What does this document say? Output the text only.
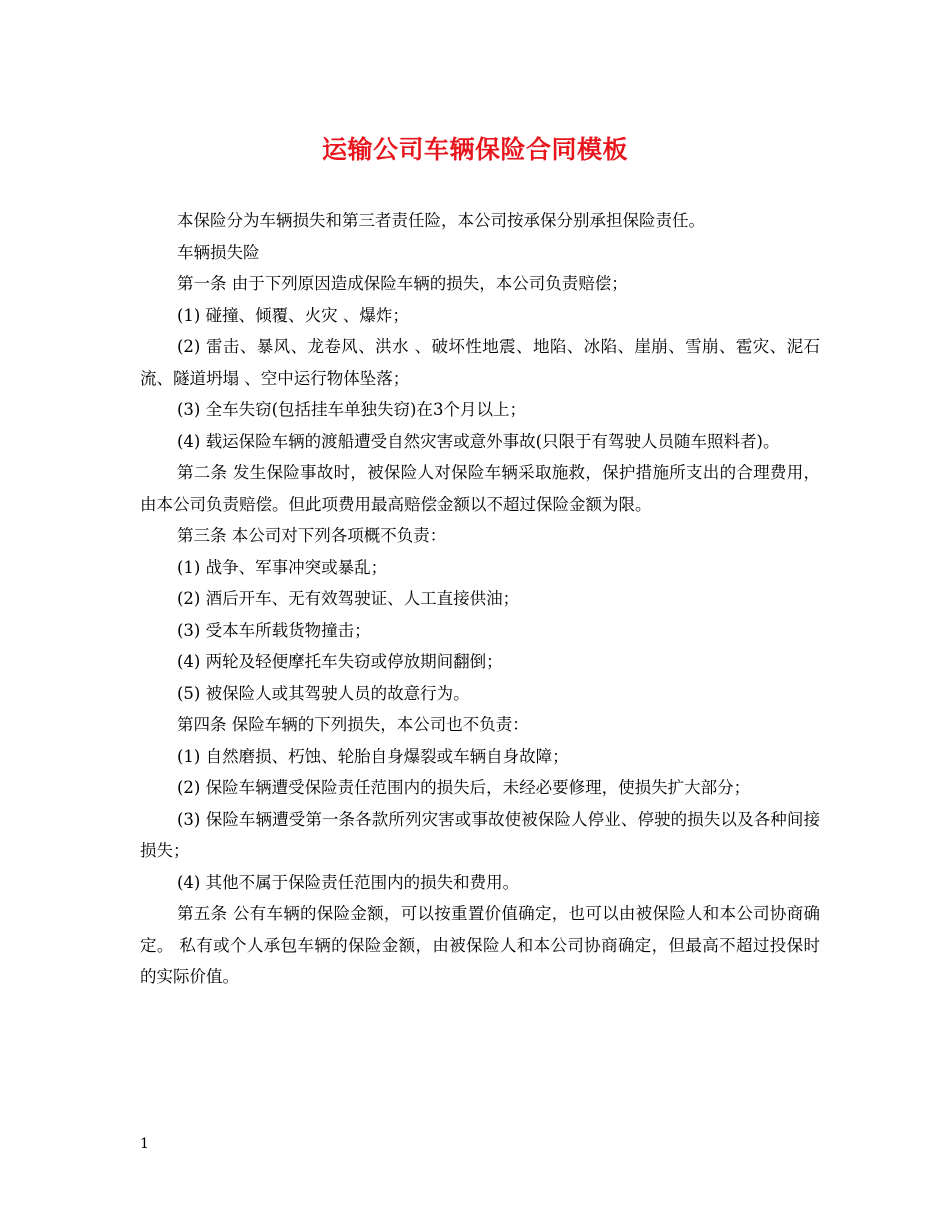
运输公司车辆保险合同模板

本保险分为车辆损失和第三者责任险，本公司按承保分别承担保险责任。

车辆损失险

第一条 由于下列原因造成保险车辆的损失，本公司负责赔偿；

(1) 碰撞、倾覆、火灾 、爆炸；

(2) 雷击、暴风、龙卷风、洪水 、破坏性地震、地陷、冰陷、崖崩、雪崩、雹灾、泥石流、隧道坍塌 、空中运行物体坠落；

(3) 全车失窃(包括挂车单独失窃)在3个月以上；

(4) 载运保险车辆的渡船遭受自然灾害或意外事故(只限于有驾驶人员随车照料者)。

第二条 发生保险事故时，被保险人对保险车辆采取施救，保护措施所支出的合理费用，由本公司负责赔偿。但此项费用最高赔偿金额以不超过保险金额为限。

第三条 本公司对下列各项概不负责：

(1) 战争、军事冲突或暴乱；

(2) 酒后开车、无有效驾驶证、人工直接供油；

(3) 受本车所载货物撞击；

(4) 两轮及轻便摩托车失窃或停放期间翻倒；

(5) 被保险人或其驾驶人员的故意行为。

第四条 保险车辆的下列损失，本公司也不负责：

(1) 自然磨损、朽蚀、轮胎自身爆裂或车辆自身故障；

(2) 保险车辆遭受保险责任范围内的损失后，未经必要修理，使损失扩大部分；

(3) 保险车辆遭受第一条各款所列灾害或事故使被保险人停业、停驶的损失以及各种间接损失；

(4) 其他不属于保险责任范围内的损失和费用。

第五条 公有车辆的保险金额，可以按重置价值确定，也可以由被保险人和本公司协商确定。 私有或个人承包车辆的保险金额，由被保险人和本公司协商确定，但最高不超过投保时的实际价值。

1
